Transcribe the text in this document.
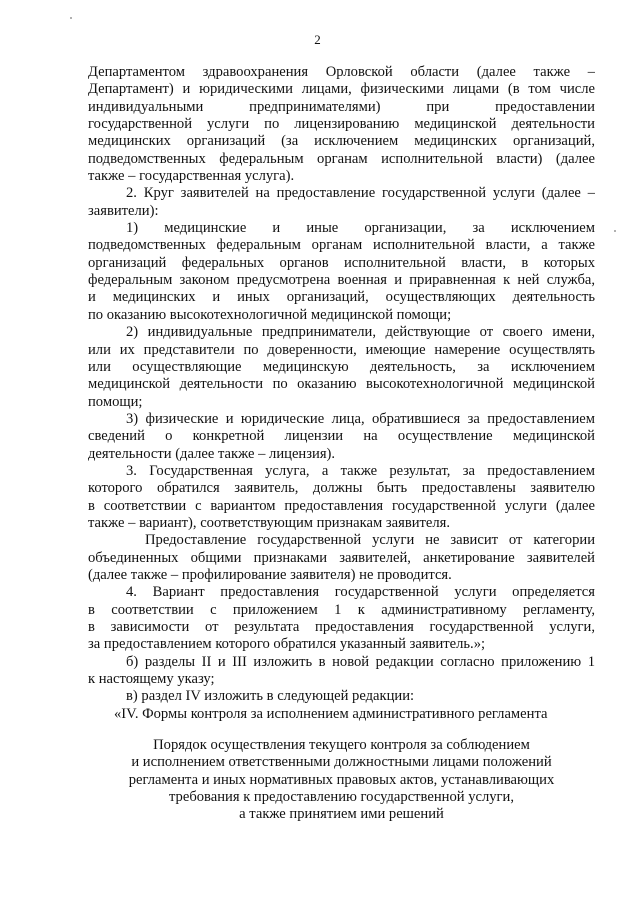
2
Департаментом здравоохранения Орловской области (далее также –
Департамент) и юридическими лицами, физическими лицами (в том числе
индивидуальными предпринимателями) при предоставлении
государственной услуги по лицензированию медицинской деятельности
медицинских организаций (за исключением медицинских организаций,
подведомственных федеральным органам исполнительной власти) (далее
также – государственная услуга).
2. Круг заявителей на предоставление государственной услуги (далее –
заявители):
1) медицинские и иные организации, за исключением
подведомственных федеральным органам исполнительной власти, а также
организаций федеральных органов исполнительной власти, в которых
федеральным законом предусмотрена военная и приравненная к ней служба,
и медицинских и иных организаций, осуществляющих деятельность
по оказанию высокотехнологичной медицинской помощи;
2) индивидуальные предприниматели, действующие от своего имени,
или их представители по доверенности, имеющие намерение осуществлять
или осуществляющие медицинскую деятельность, за исключением
медицинской деятельности по оказанию высокотехнологичной медицинской
помощи;
3) физические и юридические лица, обратившиеся за предоставлением
сведений о конкретной лицензии на осуществление медицинской
деятельности (далее также – лицензия).
3. Государственная услуга, а также результат, за предоставлением
которого обратился заявитель, должны быть предоставлены заявителю
в соответствии с вариантом предоставления государственной услуги (далее
также – вариант), соответствующим признакам заявителя.
Предоставление государственной услуги не зависит от категории
объединенных общими признаками заявителей, анкетирование заявителей
(далее также – профилирование заявителя) не проводится.
4. Вариант предоставления государственной услуги определяется
в соответствии с приложением 1 к административному регламенту,
в зависимости от результата предоставления государственной услуги,
за предоставлением которого обратился указанный заявитель.»;
б) разделы II и III изложить в новой редакции согласно приложению 1
к настоящему указу;
в) раздел IV изложить в следующей редакции:
«IV. Формы контроля за исполнением административного регламента
Порядок осуществления текущего контроля за соблюдением
и исполнением ответственными должностными лицами положений
регламента и иных нормативных правовых актов, устанавливающих
требования к предоставлению государственной услуги,
а также принятием ими решений
